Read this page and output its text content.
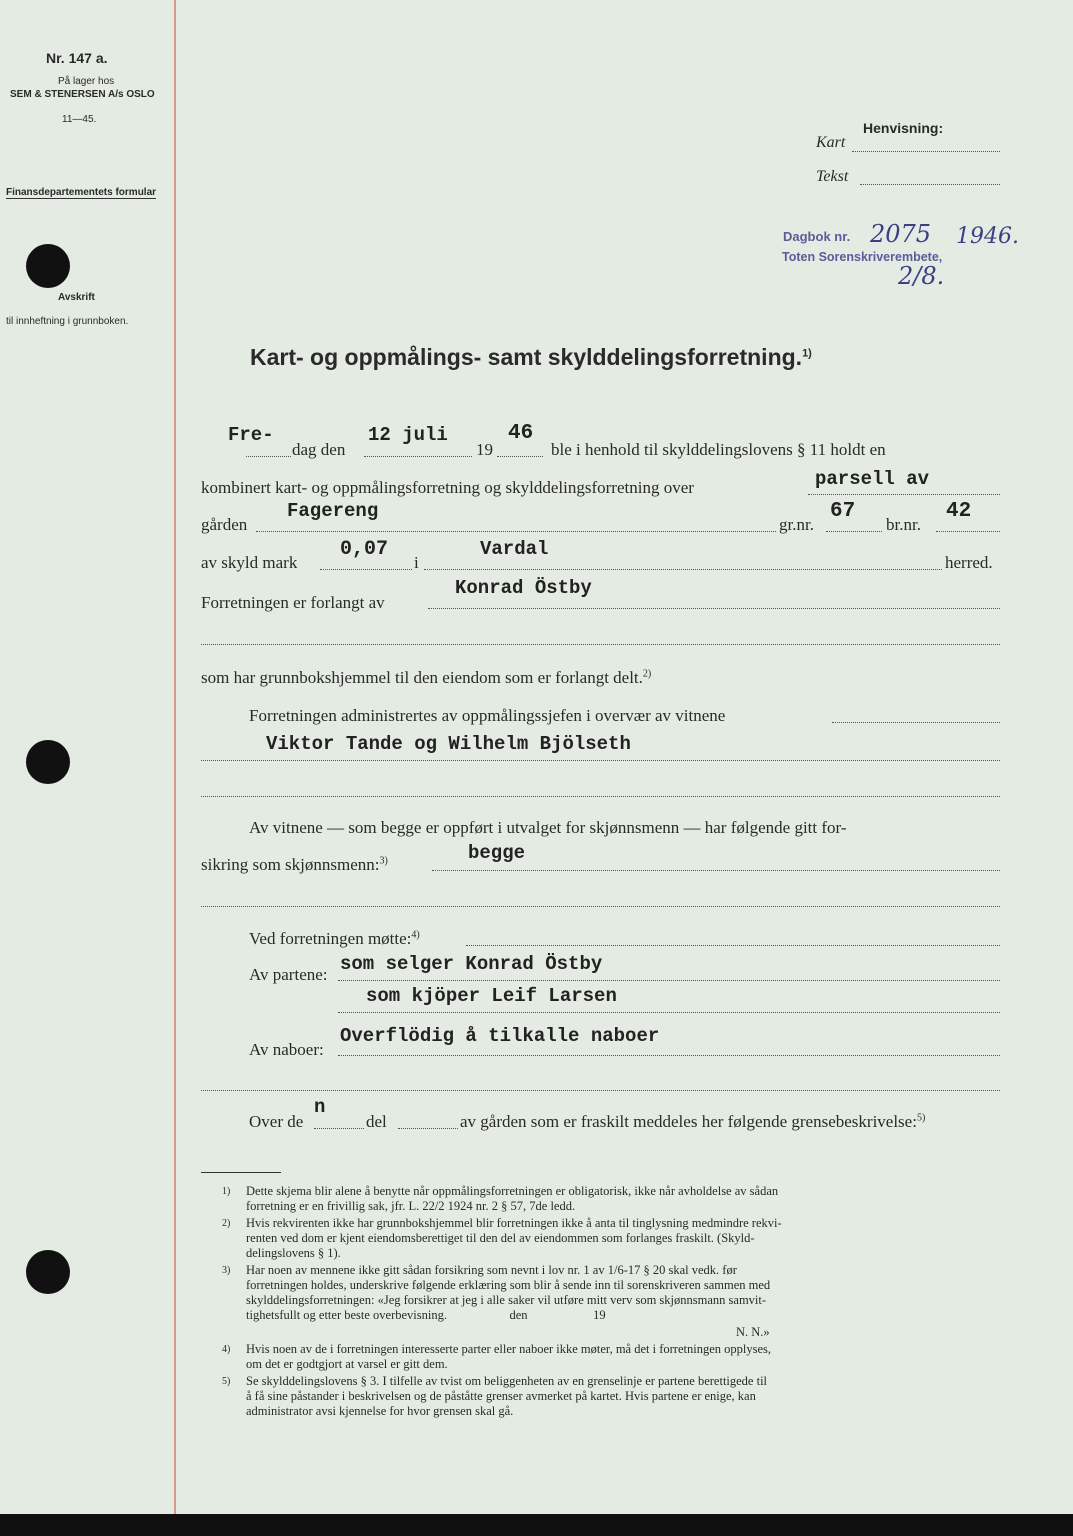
Nr. 147 a.
På lager hos
SEM & STENERSEN A/s OSLO
11—45.
Finansdepartementets formular
Avskrift
til innheftning i grunnboken.
Henvisning:
Kart
Tekst
Dagbok nr. 2075 1946.
Toten Sorenskriverembete,
2/8.
Kart- og oppmålings- samt skylddelingsforretning.$^{1)}$
Fre-
dag den
12 juli
19
46
ble i henhold til skylddelingslovens § 11 holdt en
kombinert kart- og oppmålingsforretning og skylddelingsforretning over	parsell av
gården
Fagereng
gr.nr.
67
br.nr.
42
av skyld mark
0,07
i
Vardal
herred.
Forretningen er forlangt av
Konrad Östby
som har grunnbokshjemmel til den eiendom som er forlangt delt.$^{2)}$
Forretningen administrertes av oppmålingssjefen i overvær av vitnene
Viktor Tande og Wilhelm Bjölseth
Av vitnene — som begge er oppført i utvalget for skjønnsmenn — har følgende gitt for-
sikring som skjønnsmenn:$^{3)}$	begge
Ved forretningen møtte:$^{4)}$
Av partene: som selger Konrad Östby
som kjöper Leif Larsen
Av naboer:
Overflödig å tilkalle naboer
Over de
n
del	av gården som er fraskilt meddeles her følgende grensebeskrivelse:$^{5)}$
1) Dette skjema blir alene å benytte når oppmålingsforretningen er obligatorisk, ikke når avholdelse av sådan
forretning er en frivillig sak, jfr. L. 22/2 1924 nr. 2 § 57, 7de ledd.
2) Hvis rekvirenten ikke har grunnbokshjemmel blir forretningen ikke å anta til tinglysning medmindre rekvi-
renten ved dom er kjent eiendomsberettiget til den del av eiendommen som forlanges fraskilt. (Skyld-
delingslovens § 1).
3) Har noen av mennene ikke gitt sådan forsikring som nevnt i lov nr. 1 av 1/6-17 § 20 skal vedk. før
forretningen holdes, underskrive følgende erklæring som blir å sende inn til sorenskriveren sammen med
skylddelingsforretningen: «Jeg forsikrer at jeg i alle saker vil utføre mitt verv som skjønnsmann samvit-
tighetsfullt og etter beste overbevisning.                    den                     19
N. N.»
4) Hvis noen av de i forretningen interesserte parter eller naboer ikke møter, må det i forretningen opplyses,
om det er godtgjort at varsel er gitt dem.
5) Se skylddelingslovens § 3. I tilfelle av tvist om beliggenheten av en grenselinje er partene berettigede til
å få sine påstander i beskrivelsen og de påståtte grenser avmerket på kartet. Hvis partene er enige, kan
administrator avsi kjennelse for hvor grensen skal gå.
